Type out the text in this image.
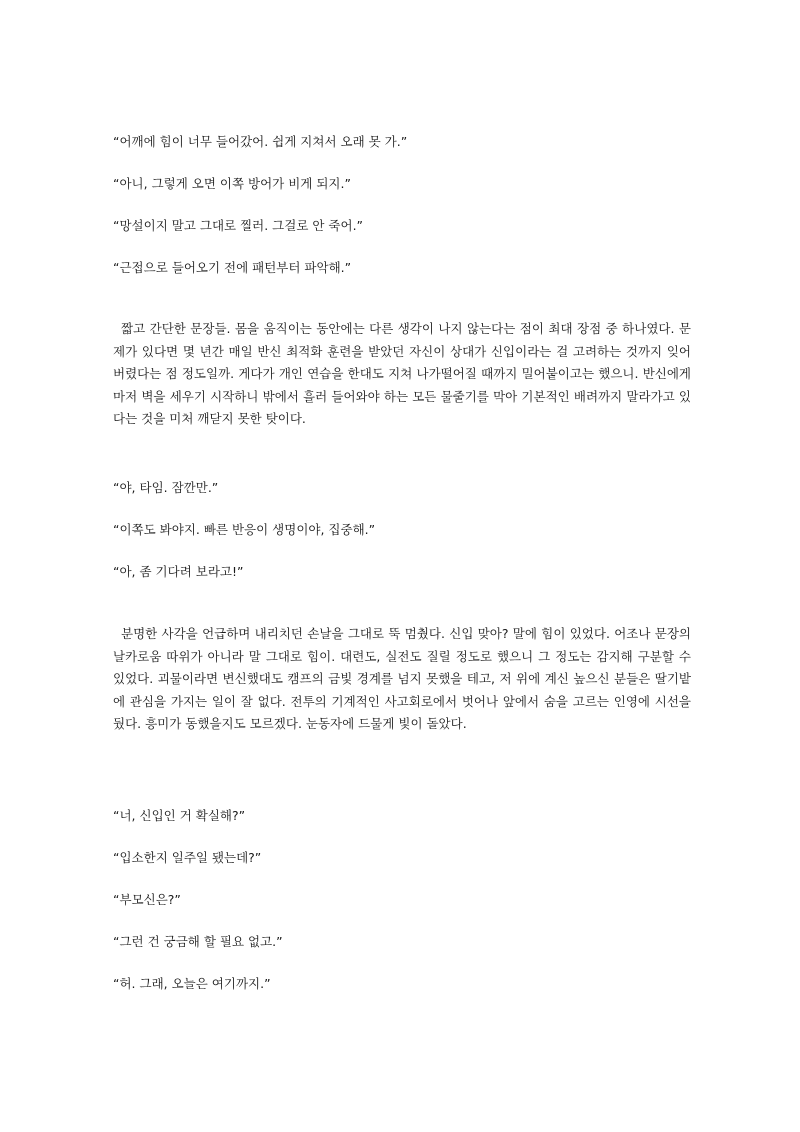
“어깨에 힘이 너무 들어갔어. 쉽게 지쳐서 오래 못 가.”
“아니, 그렇게 오면 이쪽 방어가 비게 되지.”
“망설이지 말고 그대로 찔러. 그걸로 안 죽어.”
“근접으로 들어오기 전에 패턴부터 파악해.”
짧고 간단한 문장들. 몸을 움직이는 동안에는 다른 생각이 나지 않는다는 점이 최대 장점 중 하나였다. 문제가 있다면 몇 년간 매일 반신 최적화 훈련을 받았던 자신이 상대가 신입이라는 걸 고려하는 것까지 잊어버렸다는 점 정도일까. 게다가 개인 연습을 한대도 지쳐 나가떨어질 때까지 밀어붙이고는 했으니. 반신에게마저 벽을 세우기 시작하니 밖에서 흘러 들어와야 하는 모든 물줄기를 막아 기본적인 배려까지 말라가고 있다는 것을 미처 깨닫지 못한 탓이다.
“야, 타임. 잠깐만.”
“이쪽도 봐야지. 빠른 반응이 생명이야, 집중해.”
“아, 좀 기다려 보라고!”
분명한 사각을 언급하며 내리치던 손날을 그대로 뚝 멈췄다. 신입 맞아? 말에 힘이 있었다. 어조나 문장의 날카로움 따위가 아니라 말 그대로 힘이. 대련도, 실전도 질릴 정도로 했으니 그 정도는 감지해 구분할 수 있었다. 괴물이라면 변신했대도 캠프의 금빛 경계를 넘지 못했을 테고, 저 위에 계신 높으신 분들은 딸기밭에 관심을 가지는 일이 잘 없다. 전투의 기계적인 사고회로에서 벗어나 앞에서 숨을 고르는 인영에 시선을 뒀다. 흥미가 동했을지도 모르겠다. 눈동자에 드물게 빛이 돌았다.
“너, 신입인 거 확실해?”
“입소한지 일주일 됐는데?”
“부모신은?”
“그런 건 궁금해 할 필요 없고.”
“허. 그래, 오늘은 여기까지.”
